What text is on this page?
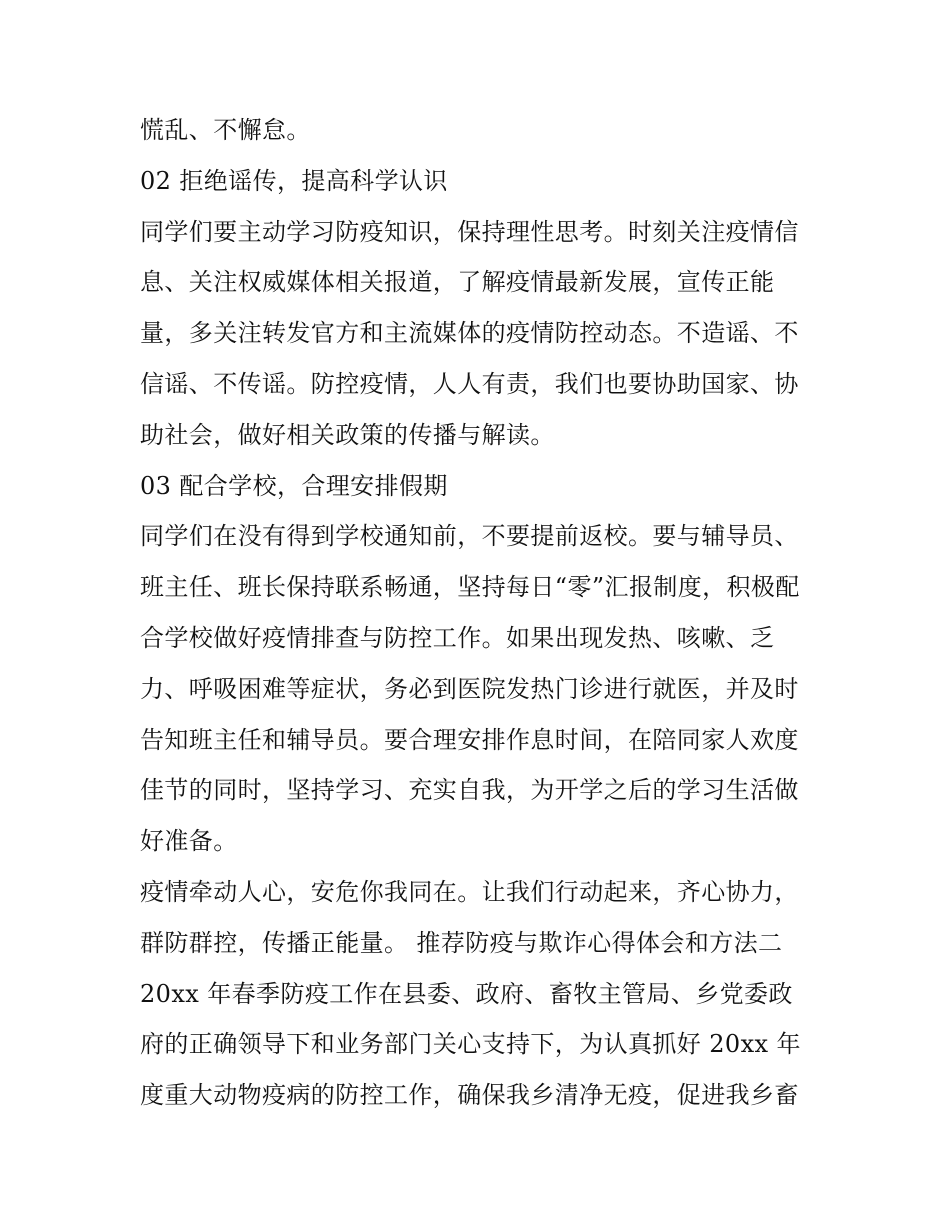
慌乱、不懈怠。
02 拒绝谣传，提高科学认识
同学们要主动学习防疫知识，保持理性思考。时刻关注疫情信
息、关注权威媒体相关报道，了解疫情最新发展，宣传正能
量，多关注转发官方和主流媒体的疫情防控动态。不造谣、不
信谣、不传谣。防控疫情，人人有责，我们也要协助国家、协
助社会，做好相关政策的传播与解读。
03 配合学校，合理安排假期
同学们在没有得到学校通知前，不要提前返校。要与辅导员、
班主任、班长保持联系畅通，坚持每日“零”汇报制度，积极配
合学校做好疫情排查与防控工作。如果出现发热、咳嗽、乏
力、呼吸困难等症状，务必到医院发热门诊进行就医，并及时
告知班主任和辅导员。要合理安排作息时间，在陪同家人欢度
佳节的同时，坚持学习、充实自我，为开学之后的学习生活做
好准备。
疫情牵动人心，安危你我同在。让我们行动起来，齐心协力，
群防群控，传播正能量。 推荐防疫与欺诈心得体会和方法二
20xx 年春季防疫工作在县委、政府、畜牧主管局、乡党委政
府的正确领导下和业务部门关心支持下，为认真抓好 20xx 年
度重大动物疫病的防控工作，确保我乡清净无疫，促进我乡畜
